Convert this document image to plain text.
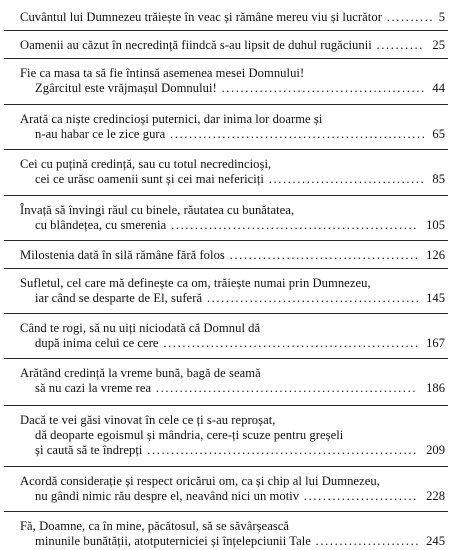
Cuvântul lui Dumnezeu trăiește în veac și rămâne mereu viu și lucrător .......... 5
Oamenii au căzut în necredință fiindcă s-au lipsit de duhul rugăciunii .......... 25
Fie ca masa ta să fie întinsă asemenea mesei Domnului!
Zgârcitul este vrăjmașul Domnului! ........................................... 44
Arată ca niște credincioși puternici, dar inima lor doarme și
n-au habar ce le zice gura ...................................................... 65
Cei cu puțină credință, sau cu totul necredincioși,
cei ce urăsc oamenii sunt și cei mai nefericiți ................................. 85
Învață să învingi răul cu binele, răutatea cu bunătatea,
cu blândețea, cu smerenia .................................................... 105
Milostenia dată în silă rămâne fără folos ........................................ 126
Sufletul, cel care mă definește ca om, trăiește numai prin Dumnezeu,
iar când se desparte de El, suferă ............................................. 145
Când te rogi, să nu uiți niciodată că Domnul dă
după inima celui ce cere ...................................................... 167
Arătând credință la vreme bună, bagă de seamă
să nu cazi la vreme rea ....................................................... 186
Dacă te vei găsi vinovat în cele ce ți s-au reproșat,
dă deoparte egoismul și mândria, cere-ți scuze pentru greșeli
și caută să te îndrepți ......................................................... 209
Acordă considerație și respect oricărui om, ca și chip al lui Dumnezeu,
nu gândi nimic rău despre el, neavând nici un motiv ........................ 228
Fă, Doamne, ca în mine, păcătosul, să se săvârșească
minunile bunătății, atotputerniciei și înțelepciunii Tale ...................... 245
